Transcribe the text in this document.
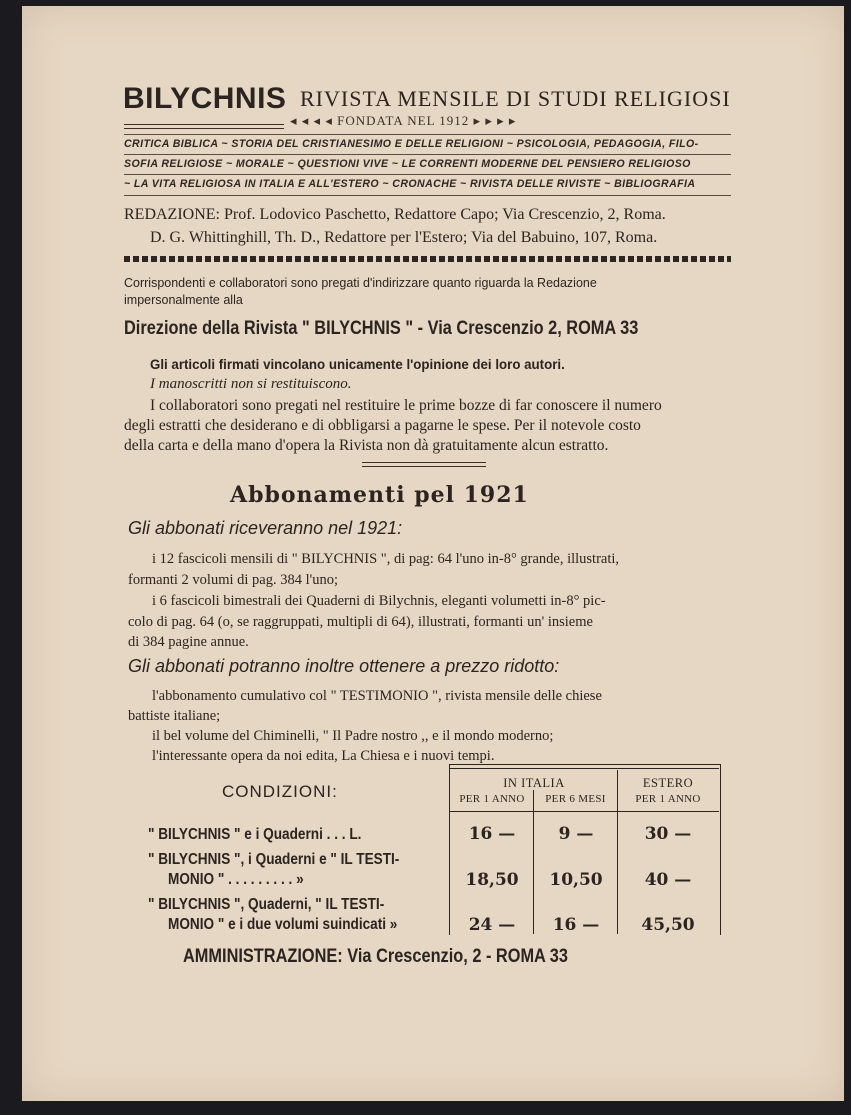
BILYCHNIS RIVISTA MENSILE DI STUDI RELIGIOSI
◂ ◂ ◂ ◂ FONDATA NEL 1912 ▸ ▸ ▸ ▸
CRITICA BIBLICA ~ STORIA DEL CRISTIANESIMO E DELLE RELIGIONI ~ PSICOLOGIA, PEDAGOGIA, FILO-
SOFIA RELIGIOSE ~ MORALE ~ QUESTIONI VIVE ~ LE CORRENTI MODERNE DEL PENSIERO RELIGIOSO
~ LA VITA RELIGIOSA IN ITALIA E ALL'ESTERO ~ CRONACHE ~ RIVISTA DELLE RIVISTE ~ BIBLIOGRAFIA
REDAZIONE: Prof. Lodovico Paschetto, Redattore Capo; Via Crescenzio, 2, Roma.
D. G. Whittinghill, Th. D., Redattore per l'Estero; Via del Babuino, 107, Roma.
Corrispondenti e collaboratori sono pregati d'indirizzare quanto riguarda la Redazione
impersonalmente alla
Direzione della Rivista " BILYCHNIS " - Via Crescenzio 2, ROMA 33
Gli articoli firmati vincolano unicamente l'opinione dei loro autori.
I manoscritti non si restituiscono.
I collaboratori sono pregati nel restituire le prime bozze di far conoscere il numero
degli estratti che desiderano e di obbligarsi a pagarne le spese. Per il notevole costo
della carta e della mano d'opera la Rivista non dà gratuitamente alcun estratto.
Abbonamenti pel 1921
Gli abbonati riceveranno nel 1921:
i 12 fascicoli mensili di " BILYCHNIS ", di pag: 64 l'uno in-8° grande, illustrati,
formanti 2 volumi di pag. 384 l'uno;
i 6 fascicoli bimestrali dei Quaderni di Bilychnis, eleganti volumetti in-8° pic-
colo di pag. 64 (o, se raggruppati, multipli di 64), illustrati, formanti un' insieme
di 384 pagine annue.
Gli abbonati potranno inoltre ottenere a prezzo ridotto:
l'abbonamento cumulativo col " TESTIMONIO ", rivista mensile delle chiese
battiste italiane;
il bel volume del Chiminelli, " Il Padre nostro ,, e il mondo moderno;
l'interessante opera da noi edita, La Chiesa e i nuovi tempi.
CONDIZIONI:	IN ITALIA	ESTERO
PER 1 ANNO	PER 6 MESI	PER 1 ANNO
" BILYCHNIS " e i Quaderni . . . L.	16 —	9 —	30 —
" BILYCHNIS ", i Quaderni e " IL TESTI-
MONIO " . . . . . . . . . »	18,50	10,50	40 —
" BILYCHNIS ", Quaderni, " IL TESTI-
MONIO " e i due volumi suindicati »	24 —	16 —	45,50
AMMINISTRAZIONE: Via Crescenzio, 2 - ROMA 33
